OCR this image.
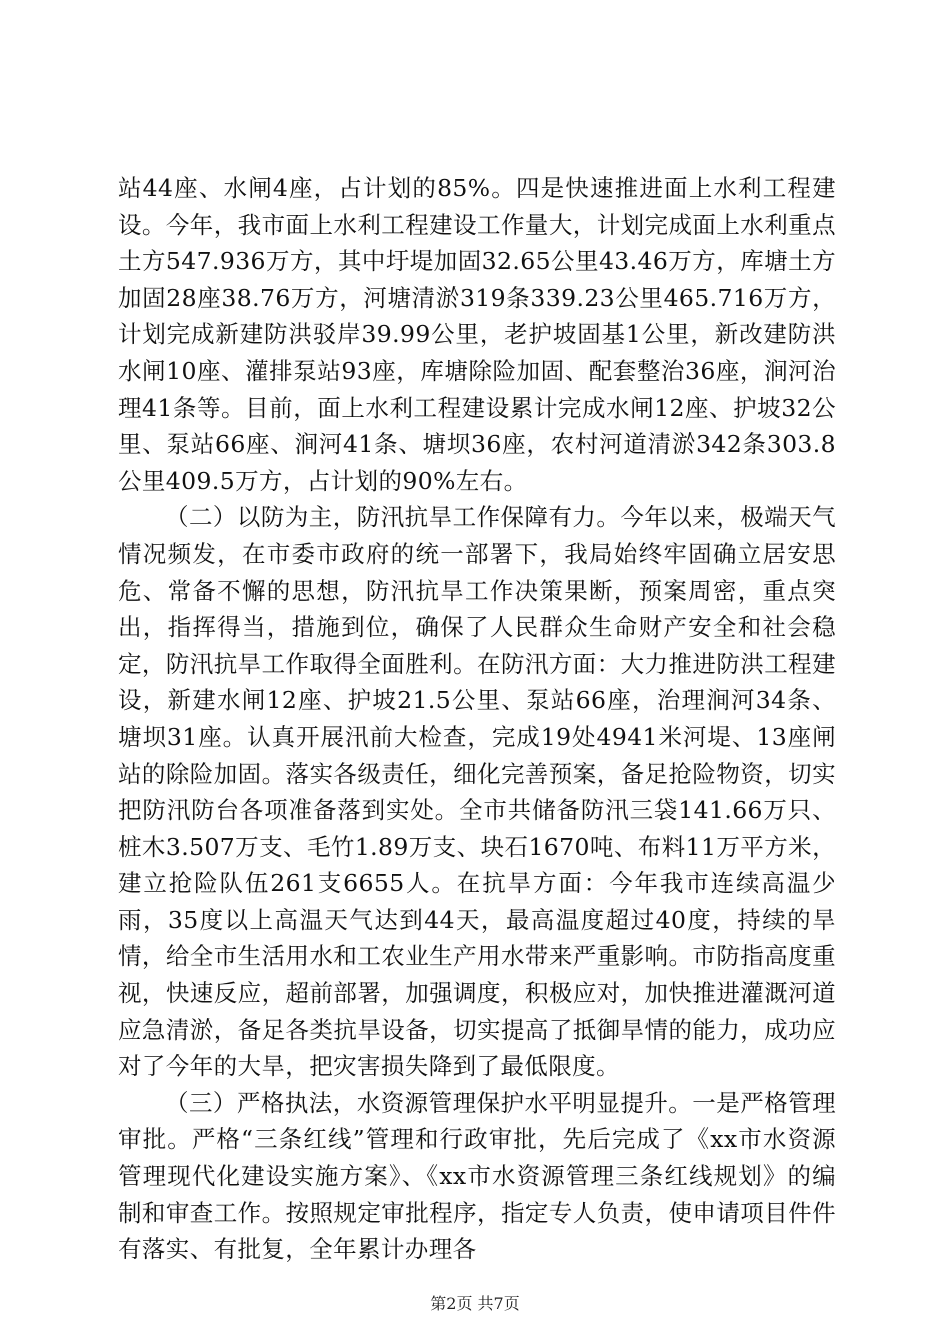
站44座、水闸4座，占计划的85%。四是快速推进面上水利工程建设。今年，我市面上水利工程建设工作量大，计划完成面上水利重点土方547.936万方，其中圩堤加固32.65公里43.46万方，库塘土方加固28座38.76万方，河塘清淤319条339.23公里465.716万方，计划完成新建防洪驳岸39.99公里，老护坡固基1公里，新改建防洪水闸10座、灌排泵站93座，库塘除险加固、配套整治36座，涧河治理41条等。目前，面上水利工程建设累计完成水闸12座、护坡32公里、泵站66座、涧河41条、塘坝36座，农村河道清淤342条303.8公里409.5万方，占计划的90%左右。

（二）以防为主，防汛抗旱工作保障有力。今年以来，极端天气情况频发，在市委市政府的统一部署下，我局始终牢固确立居安思危、常备不懈的思想，防汛抗旱工作决策果断，预案周密，重点突出，指挥得当，措施到位，确保了人民群众生命财产安全和社会稳定，防汛抗旱工作取得全面胜利。在防汛方面：大力推进防洪工程建设，新建水闸12座、护坡21.5公里、泵站66座，治理涧河34条、塘坝31座。认真开展汛前大检查，完成19处4941米河堤、13座闸站的除险加固。落实各级责任，细化完善预案，备足抢险物资，切实把防汛防台各项准备落到实处。全市共储备防汛三袋141.66万只、桩木3.507万支、毛竹1.89万支、块石1670吨、布料11万平方米，建立抢险队伍261支6655人。在抗旱方面：今年我市连续高温少雨，35度以上高温天气达到44天，最高温度超过40度，持续的旱情，给全市生活用水和工农业生产用水带来严重影响。市防指高度重视，快速反应，超前部署，加强调度，积极应对，加快推进灌溉河道应急清淤，备足各类抗旱设备，切实提高了抵御旱情的能力，成功应对了今年的大旱，把灾害损失降到了最低限度。

（三）严格执法，水资源管理保护水平明显提升。一是严格管理审批。严格“三条红线”管理和行政审批，先后完成了《xx市水资源管理现代化建设实施方案》、《xx市水资源管理三条红线规划》的编制和审查工作。按照规定审批程序，指定专人负责，使申请项目件件有落实、有批复，全年累计办理各

第2页 共7页
